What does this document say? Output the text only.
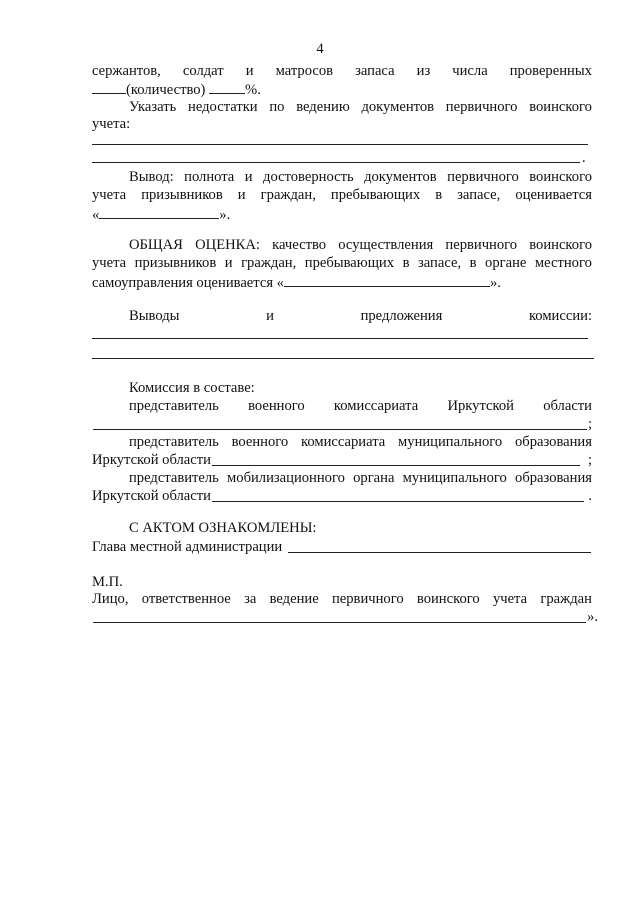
4
сержантов, солдат и матросов запаса из числа проверенных
(количество)	%.
Указать недостатки по ведению документов первичного воинского
учета:
.
Вывод: полнота и достоверность документов первичного воинского
учета призывников и граждан, пребывающих в запасе, оценивается
«	».
ОБЩАЯ ОЦЕНКА: качество осуществления первичного воинского
учета призывников и граждан, пребывающих в запасе, в органе местного
самоуправления оценивается «	».
Выводы	и	предложения	комиссии:
Комиссия в составе:
представитель военного комиссариата Иркутской области
;
представитель военного комиссариата муниципального образования
Иркутской области	;
представитель мобилизационного органа муниципального образования
Иркутской области	.
С АКТОМ ОЗНАКОМЛЕНЫ:
Глава местной администрации
М.П.
Лицо, ответственное за ведение первичного воинского учета граждан
».
